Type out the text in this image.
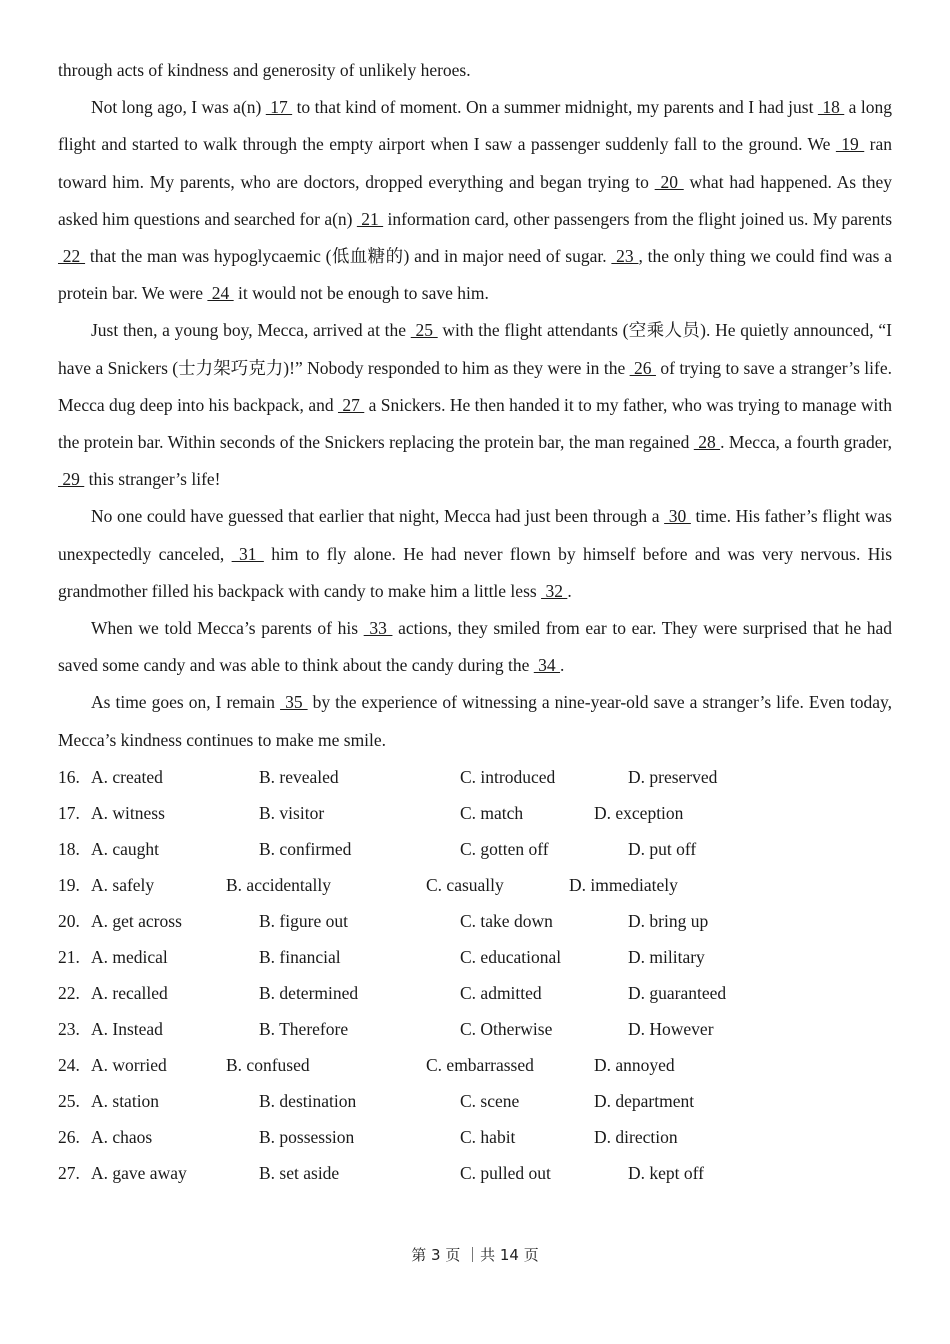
through acts of kindness and generosity of unlikely heroes.

Not long ago, I was a(n)  17  to that kind of moment. On a summer midnight, my parents and I had just  18  a long flight and started to walk through the empty airport when I saw a passenger suddenly fall to the ground. We  19  ran toward him. My parents, who are doctors, dropped everything and began trying to  20  what had happened. As they asked him questions and searched for a(n)  21  information card, other passengers from the flight joined us. My parents  22  that the man was hypoglycaemic (低血糖的) and in major need of sugar.  23 , the only thing we could find was a protein bar. We were  24  it would not be enough to save him.

Just then, a young boy, Mecca, arrived at the  25  with the flight attendants (空乘人员). He quietly announced, “I have a Snickers (士力架巧克力)!” Nobody responded to him as they were in the  26  of trying to save a stranger’s life. Mecca dug deep into his backpack, and  27  a Snickers. He then handed it to my father, who was trying to manage with the protein bar. Within seconds of the Snickers replacing the protein bar, the man regained  28 . Mecca, a fourth grader,  29  this stranger’s life!

No one could have guessed that earlier that night, Mecca had just been through a  30  time. His father’s flight was unexpectedly canceled,  31  him to fly alone. He had never flown by himself before and was very nervous. His grandmother filled his backpack with candy to make him a little less  32 .

When we told Mecca’s parents of his  33  actions, they smiled from ear to ear. They were surprised that he had saved some candy and was able to think about the candy during the  34 .

As time goes on, I remain  35  by the experience of witnessing a nine-year-old save a stranger’s life. Even today, Mecca’s kindness continues to make me smile.

16. A. created	B. revealed	C. introduced	D. preserved
17. A. witness	B. visitor	C. match	D. exception
18. A. caught	B. confirmed	C. gotten off	D. put off
19. A. safely	B. accidentally	C. casually	D. immediately
20. A. get across	B. figure out	C. take down	D. bring up
21. A. medical	B. financial	C. educational	D. military
22. A. recalled	B. determined	C. admitted	D. guaranteed
23. A. Instead	B. Therefore	C. Otherwise	D. However
24. A. worried	B. confused	C. embarrassed	D. annoyed
25. A. station	B. destination	C. scene	D. department
26. A. chaos	B. possession	C. habit	D. direction
27. A. gave away	B. set aside	C. pulled out	D. kept off
第 3 页 ｜共 14 页
